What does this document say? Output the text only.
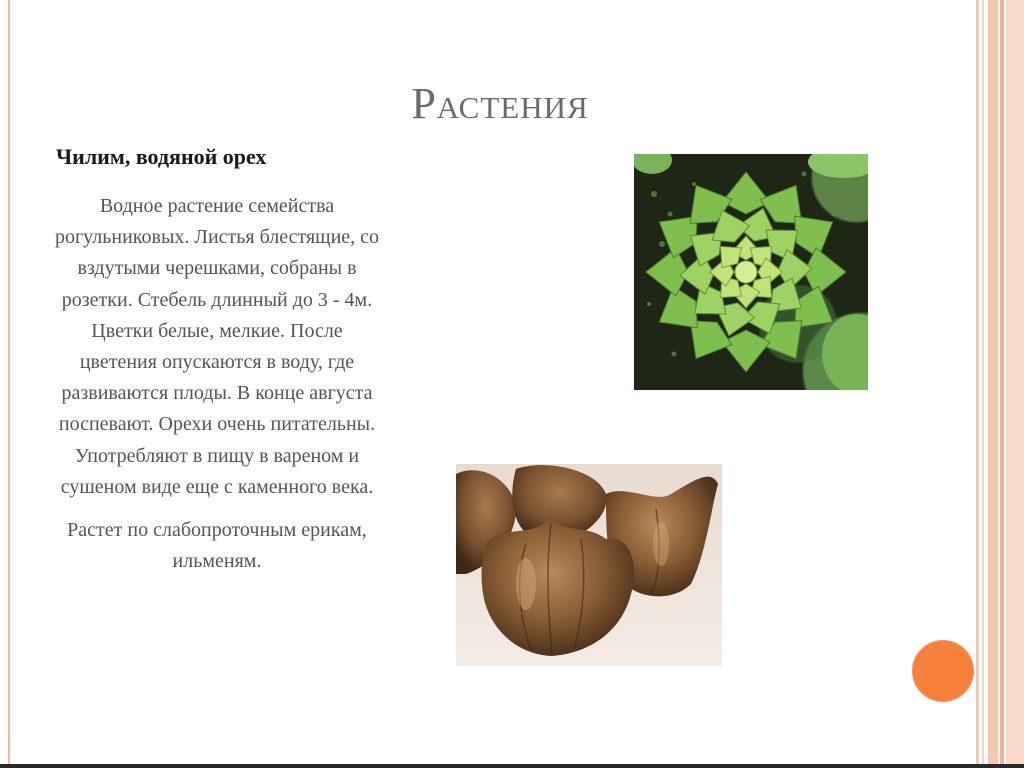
Растения
Чилим, водяной орех

Водное растение семейства рогульниковых. Листья блестящие, со вздутыми черешками, собраны в розетки. Стебель длинный до 3 - 4м. Цветки белые, мелкие. После цветения опускаются в воду, где развиваются плоды. В конце августа поспевают. Орехи очень питательны. Употребляют в пищу в вареном и сушеном виде еще с каменного века.

Растет по слабопроточным ерикам, ильменям.
